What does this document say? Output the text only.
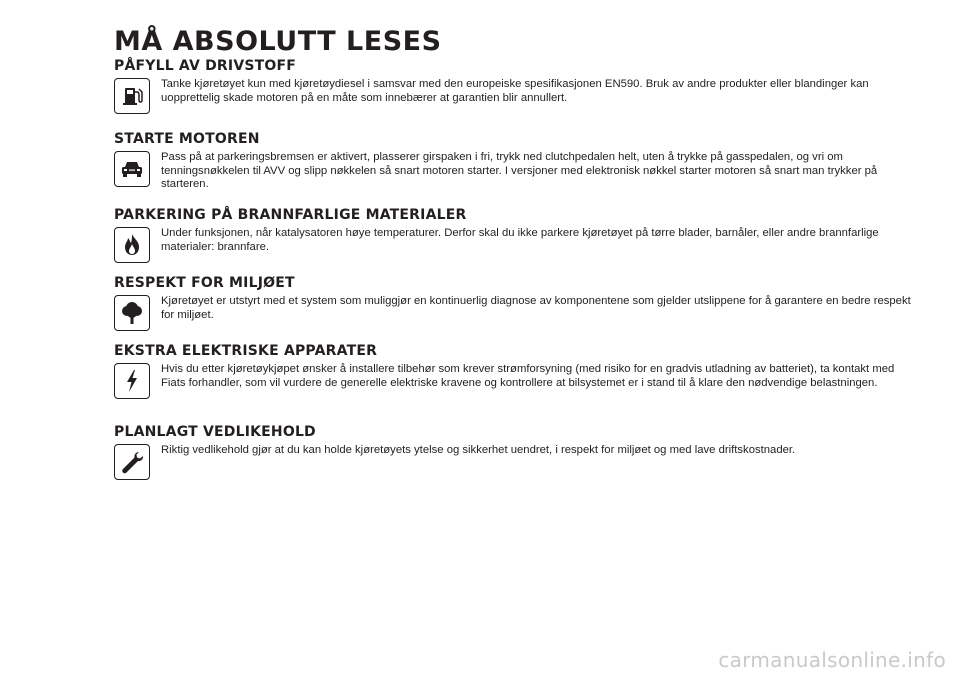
MÅ ABSOLUTT LESES
PÅFYLL AV DRIVSTOFF

Tanke kjøretøyet kun med kjøretøydiesel i samsvar med den europeiske spesifikasjonen EN590. Bruk av andre produkter eller blandinger kan uopprettelig skade motoren på en måte som innebærer at garantien blir annullert.

STARTE MOTOREN

Pass på at parkeringsbremsen er aktivert, plasserer girspaken i fri, trykk ned clutchpedalen helt, uten å trykke på gasspedalen, og vri om tenningsnøkkelen til AVV og slipp nøkkelen så snart motoren starter. I versjoner med elektronisk nøkkel starter motoren så snart man trykker på starteren.

PARKERING PÅ BRANNFARLIGE MATERIALER

Under funksjonen, når katalysatoren høye temperaturer. Derfor skal du ikke parkere kjøretøyet på tørre blader, barnåler, eller andre brannfarlige materialer: brannfare.

RESPEKT FOR MILJØET

Kjøretøyet er utstyrt med et system som muliggjør en kontinuerlig diagnose av komponentene som gjelder utslippene for å garantere en bedre respekt for miljøet.

EKSTRA ELEKTRISKE APPARATER

Hvis du etter kjøretøykjøpet ønsker å installere tilbehør som krever strømforsyning (med risiko for en gradvis utladning av batteriet), ta kontakt med Fiats forhandler, som vil vurdere de generelle elektriske kravene og kontrollere at bilsystemet er i stand til å klare den nødvendige belastningen.

PLANLAGT VEDLIKEHOLD

Riktig vedlikehold gjør at du kan holde kjøretøyets ytelse og sikkerhet uendret, i respekt for miljøet og med lave driftskostnader.

carmanualsonline.info
